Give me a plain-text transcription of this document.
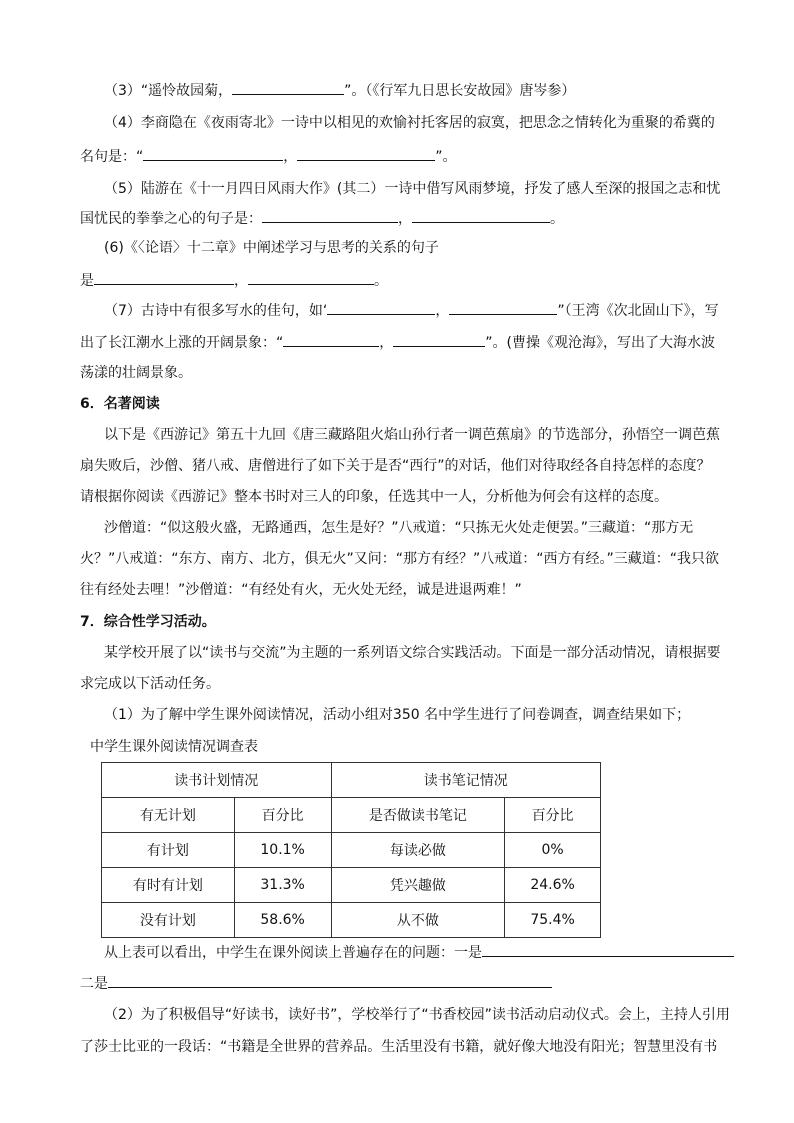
（3）“遥怜故园菊，	”。（《行军九日思长安故园》唐岑参）
（4）李商隐在《夜雨寄北》一诗中以相见的欢愉衬托客居的寂寞，把思念之情转化为重聚的希冀的
名句是：“	，	”。
（5）陆游在《十一月四日风雨大作》(其二）一诗中借写风雨梦境，抒发了感人至深的报国之志和忧
国忧民的拳拳之心的句子是：	，	。
(6)《〈论语〉十二章》中阐述学习与思考的关系的句子
是	，	。
（7）古诗中有很多写水的佳句，如‘	，	”（王湾《次北固山下》，写
出了长江潮水上涨的开阔景象：“	，	”。(曹操《观沧海》，写出了大海水波
荡漾的壮阔景象。
6．名著阅读
以下是《西游记》第五十九回《唐三藏路阻火焰山孙行者一调芭蕉扇》的节选部分，孙悟空一调芭蕉
扇失败后，沙僧、猪八戒、唐僧进行了如下关于是否“西行”的对话，他们对待取经各自持怎样的态度？
请根据你阅读《西游记》整本书时对三人的印象，任选其中一人，分析他为何会有这样的态度。
沙僧道：“似这般火盛，无路通西，怎生是好？”八戒道：“只拣无火处走便罢。”三藏道：“那方无
火？”八戒道：“东方、南方、北方，俱无火”又问：“那方有经？”八戒道：“西方有经。”三藏道：“我只欲
往有经处去哩！”沙僧道：“有经处有火，无火处无经，诚是进退两难！”
7．综合性学习活动。
某学校开展了以“读书与交流”为主题的一系列语文综合实践活动。下面是一部分活动情况，请根据要
求完成以下活动任务。
（1）为了解中学生课外阅读情况，活动小组对350 名中学生进行了问卷调查，调查结果如下；
中学生课外阅读情况调查表
读书计划情况		读书笔记情况	
有无计划	百分比	是否做读书笔记	百分比
有计划	10.1%	每读必做	0%
有时有计划	31.3%	凭兴趣做	24.6%
没有计划	58.6%	从不做	75.4%
从上表可以看出，中学生在课外阅读上普遍存在的问题：一是
二是
（2）为了积极倡导“好读书，读好书”，学校举行了“书香校园”读书活动启动仪式。会上，主持人引用
了莎士比亚的一段话：“书籍是全世界的营养品。生活里没有书籍，就好像大地没有阳光；智慧里没有书
